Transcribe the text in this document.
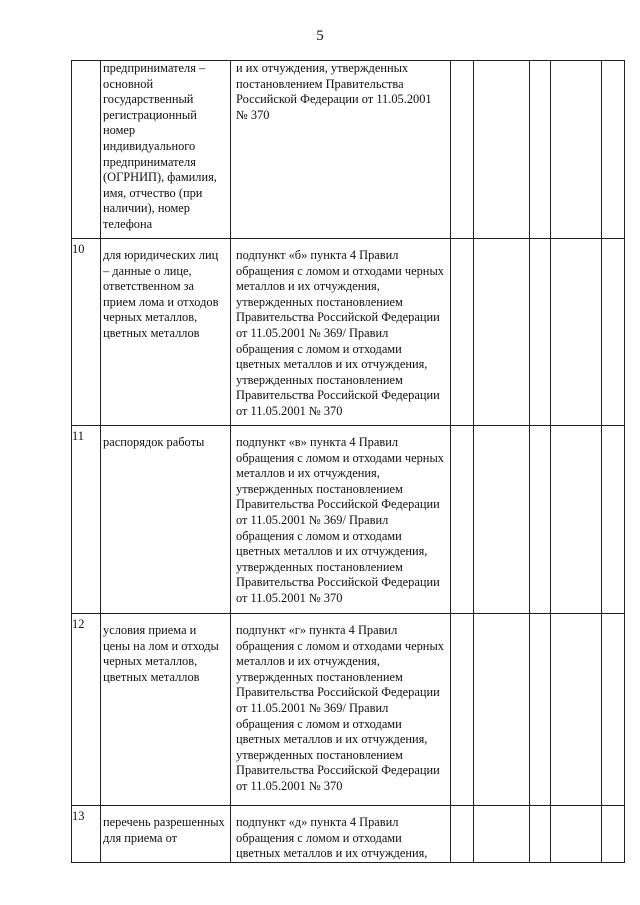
5

	предпринимателя – основной государственный регистрационный номер индивидуального предпринимателя (ОГРНИП), фамилия, имя, отчество (при наличии), номер телефона	и их отчуждения, утвержденных постановлением Правительства Российской Федерации от 11.05.2001 № 370					

10	для юридических лиц – данные о лице, ответственном за прием лома и отходов черных металлов, цветных металлов	подпункт «б» пункта 4 Правил обращения с ломом и отходами черных металлов и их отчуждения, утвержденных постановлением Правительства Российской Федерации от 11.05.2001 № 369/ Правил обращения с ломом и отходами цветных металлов и их отчуждения, утвержденных постановлением Правительства Российской Федерации от 11.05.2001 № 370					

11	распорядок работы	подпункт «в» пункта 4 Правил обращения с ломом и отходами черных металлов и их отчуждения, утвержденных постановлением Правительства Российской Федерации от 11.05.2001 № 369/ Правил обращения с ломом и отходами цветных металлов и их отчуждения, утвержденных постановлением Правительства Российской Федерации от 11.05.2001 № 370					

12	условия приема и цены на лом и отходы черных металлов, цветных металлов	подпункт «г» пункта 4 Правил обращения с ломом и отходами черных металлов и их отчуждения, утвержденных постановлением Правительства Российской Федерации от 11.05.2001 № 369/ Правил обращения с ломом и отходами цветных металлов и их отчуждения, утвержденных постановлением Правительства Российской Федерации от 11.05.2001 № 370					

13	перечень разрешенных для приема от	подпункт «д» пункта 4 Правил обращения с ломом и отходами цветных металлов и их отчуждения,					
